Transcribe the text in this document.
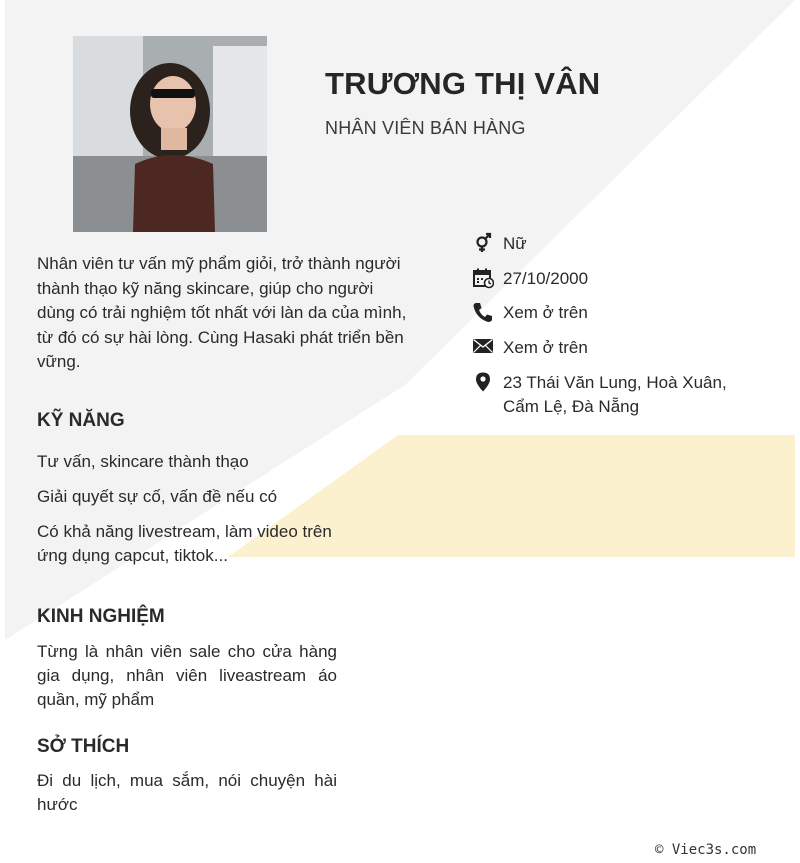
TRƯƠNG THỊ VÂN
NHÂN VIÊN BÁN HÀNG
Nhân viên tư vấn mỹ phẩm giỏi, trở thành người thành thạo kỹ năng skincare, giúp cho người dùng có trải nghiệm tốt nhất với làn da của mình, từ đó có sự hài lòng. Cùng Hasaki phát triển bền vững.
Nữ
27/10/2000
Xem ở trên
Xem ở trên
23 Thái Văn Lung, Hoà Xuân, Cẩm Lệ, Đà Nẵng
KỸ NĂNG
Tư vấn, skincare thành thạo
Giải quyết sự cố, vấn đề nếu có
Có khả năng livestream, làm video trên ứng dụng capcut, tiktok...
KINH NGHIỆM
Từng là nhân viên sale cho cửa hàng gia dụng, nhân viên liveastream áo quần, mỹ phẩm
SỞ THÍCH
Đi du lịch, mua sắm, nói chuyện hài hước
© Viec3s.com
